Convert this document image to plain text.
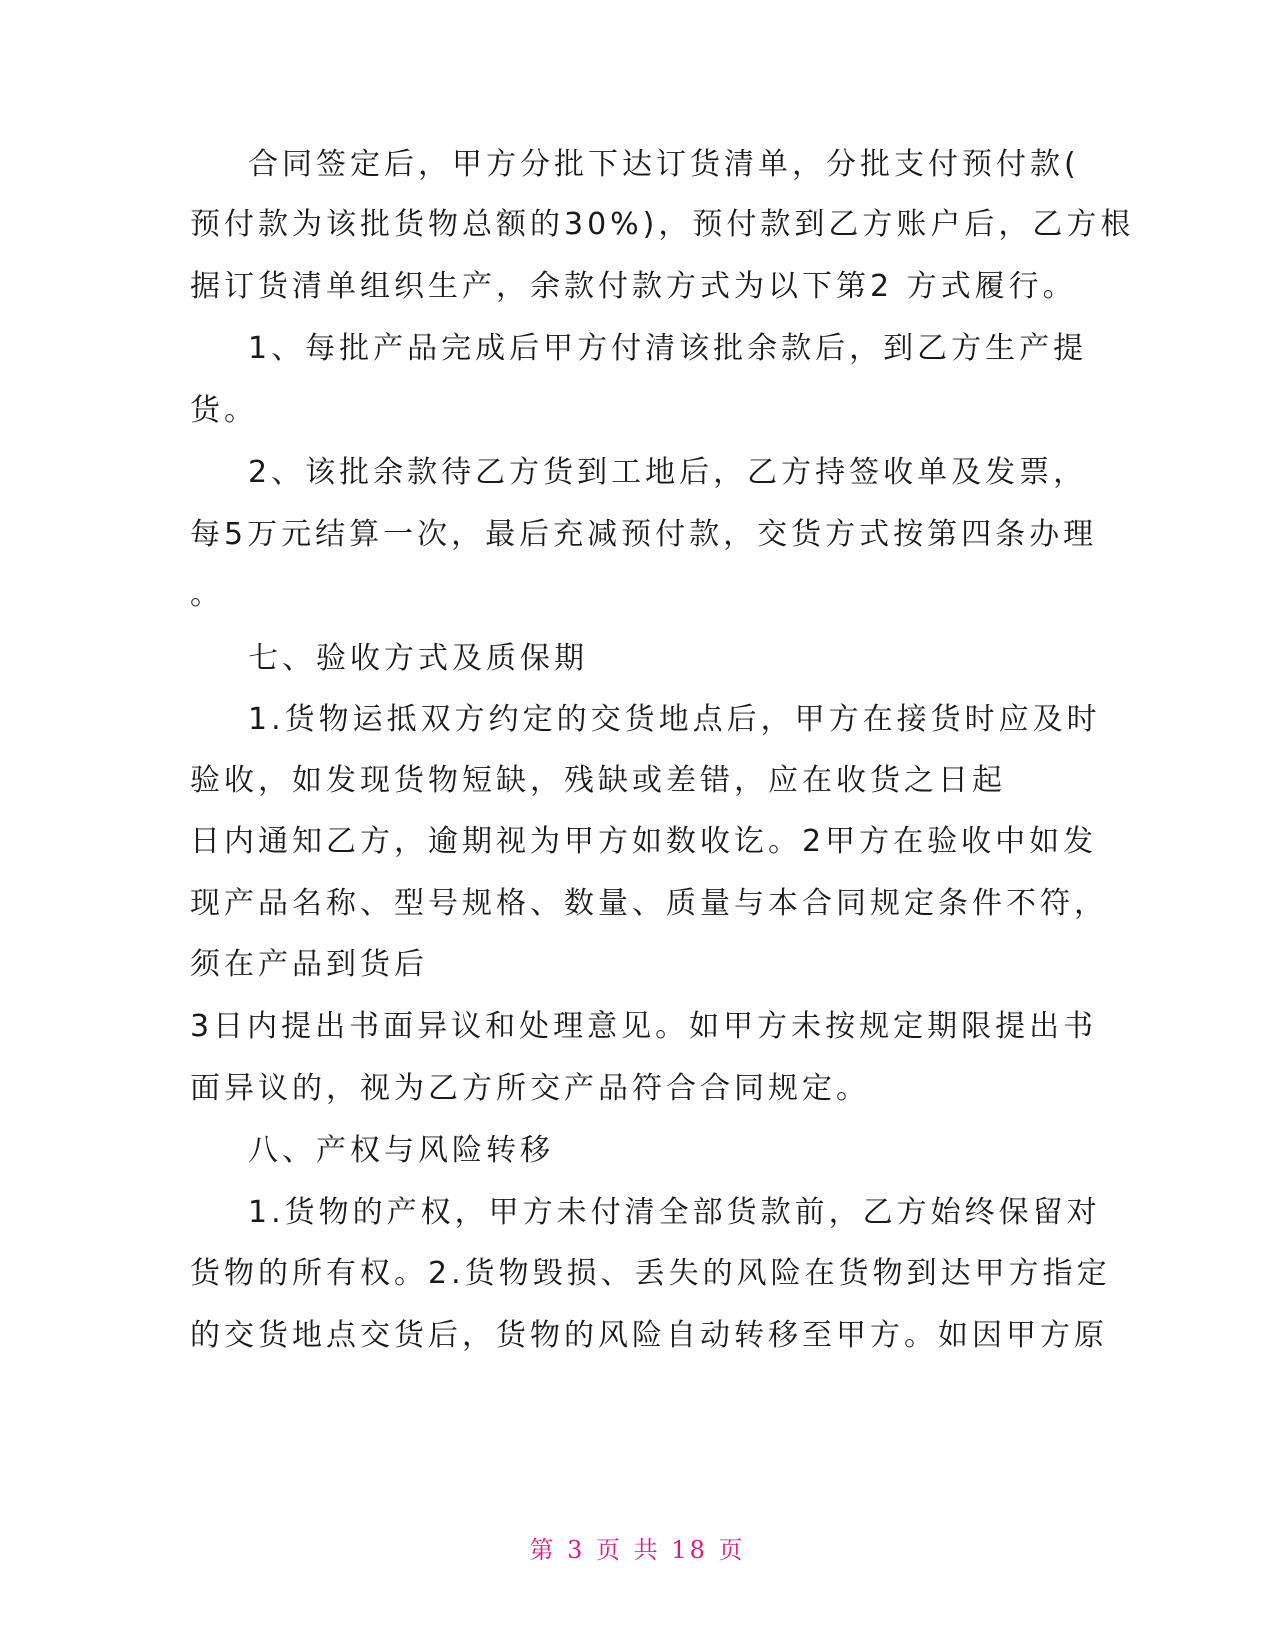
合同签定后，甲方分批下达订货清单，分批支付预付款(
预付款为该批货物总额的30%)，预付款到乙方账户后，乙方根
据订货清单组织生产，余款付款方式为以下第2 方式履行。
1、每批产品完成后甲方付清该批余款后，到乙方生产提
货。
2、该批余款待乙方货到工地后，乙方持签收单及发票，
每5万元结算一次，最后充减预付款，交货方式按第四条办理
。
七、验收方式及质保期
1.货物运抵双方约定的交货地点后，甲方在接货时应及时
验收，如发现货物短缺，残缺或差错，应在收货之日起
日内通知乙方，逾期视为甲方如数收讫。2甲方在验收中如发
现产品名称、型号规格、数量、质量与本合同规定条件不符，
须在产品到货后
3日内提出书面异议和处理意见。如甲方未按规定期限提出书
面异议的，视为乙方所交产品符合合同规定。
八、产权与风险转移
1.货物的产权，甲方未付清全部货款前，乙方始终保留对
货物的所有权。2.货物毁损、丢失的风险在货物到达甲方指定
的交货地点交货后，货物的风险自动转移至甲方。如因甲方原
第 3 页 共 18 页
